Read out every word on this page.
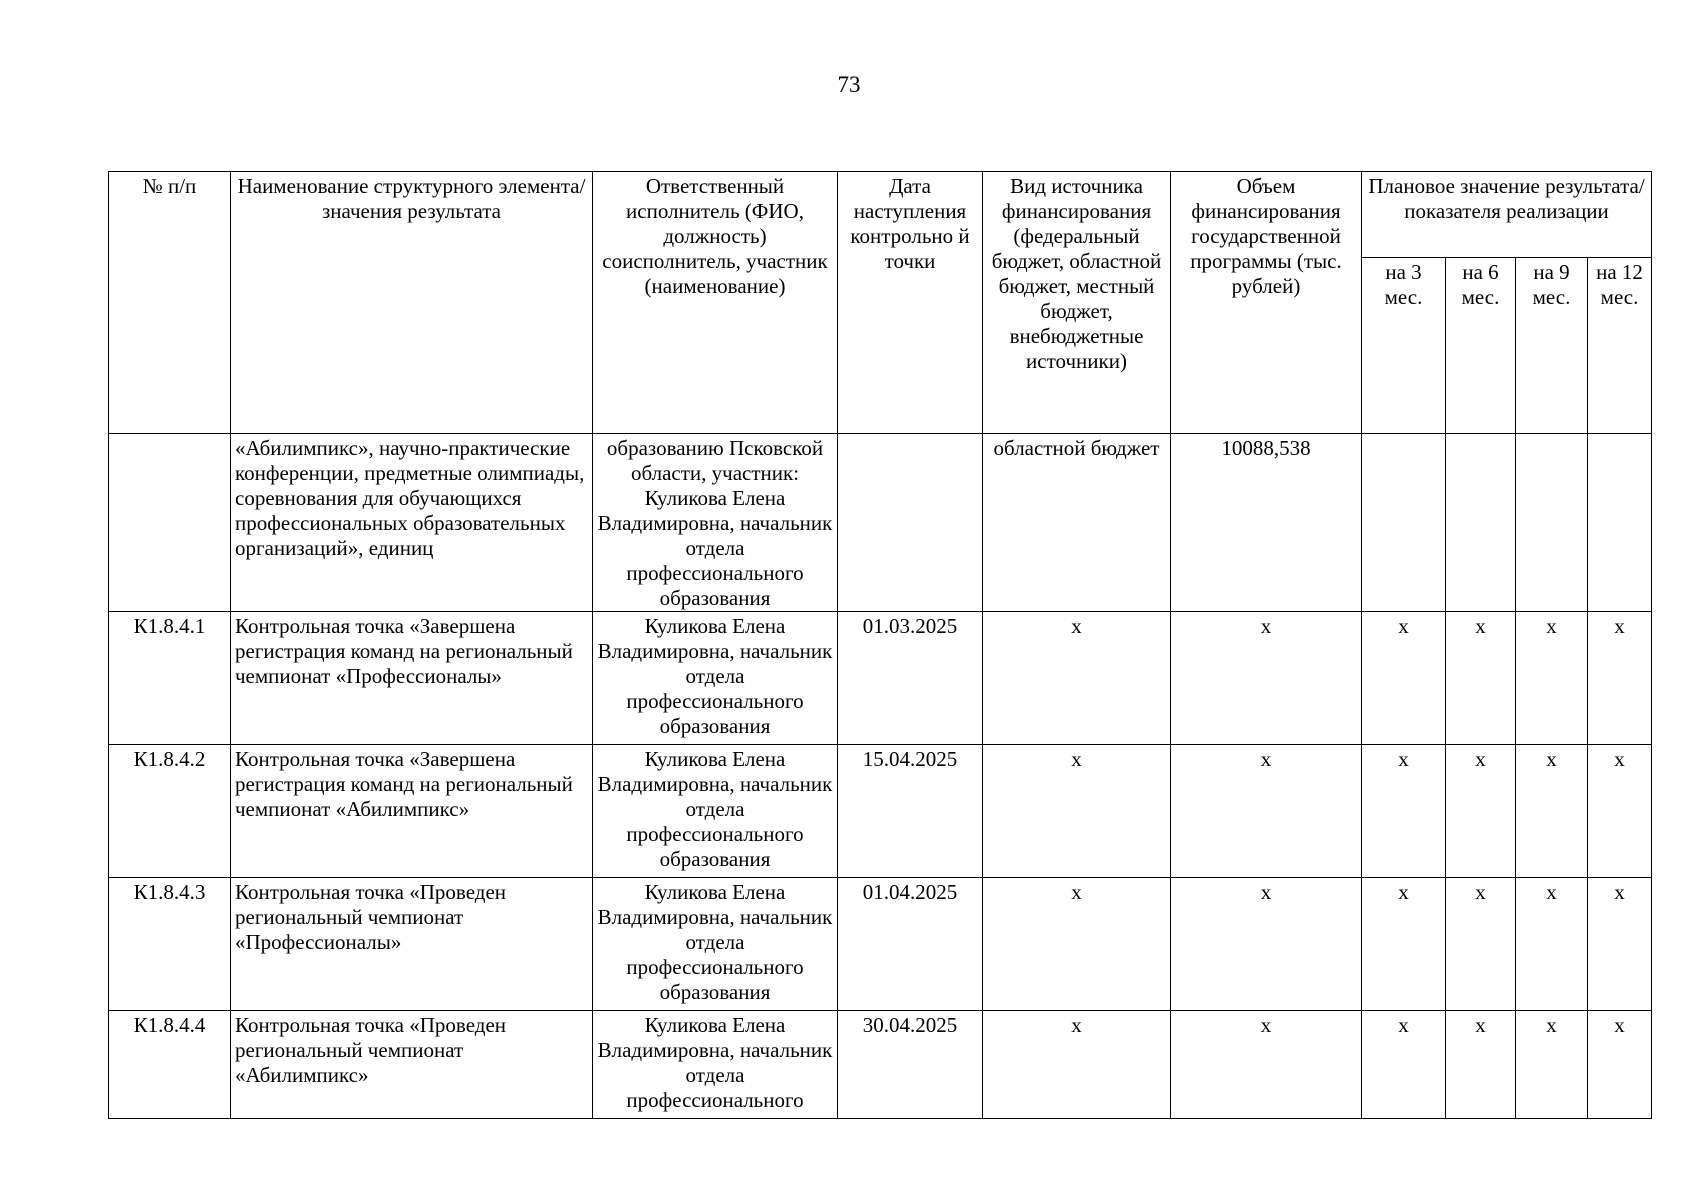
73
№ п/п	Наименование структурного элемента/ значения результата	Ответственный исполнитель (ФИО, должность) соисполнитель, участник (наименование)	Дата наступления контрольно й точки	Вид источника финансирования (федеральный бюджет, областной бюджет, местный бюджет, внебюджетные источники)	Объем финансирования государственной программы (тыс. рублей)	Плановое значение результата/показателя реализации			
						на 3 мес.	на 6 мес.	на 9 мес.	на 12 мес.
	«Абилимпикс», научно-практические конференции, предметные олимпиады, соревнования для обучающихся профессиональных образовательных организаций», единиц	образованию Псковской области, участник: Куликова Елена Владимировна, начальник отдела профессионального образования		областной бюджет	10088,538				
К1.8.4.1	Контрольная точка «Завершена регистрация команд на региональный чемпионат «Профессионалы»	Куликова Елена Владимировна, начальник отдела профессионального образования	01.03.2025	х	х	х	х	х	х
К1.8.4.2	Контрольная точка «Завершена регистрация команд на региональный чемпионат «Абилимпикс»	Куликова Елена Владимировна, начальник отдела профессионального образования	15.04.2025	х	х	х	х	х	х
К1.8.4.3	Контрольная точка «Проведен региональный чемпионат «Профессионалы»	Куликова Елена Владимировна, начальник отдела профессионального образования	01.04.2025	х	х	х	х	х	х
К1.8.4.4	Контрольная точка «Проведен региональный чемпионат «Абилимпикс»	Куликова Елена Владимировна, начальник отдела профессионального	30.04.2025	х	х	х	х	х	х
